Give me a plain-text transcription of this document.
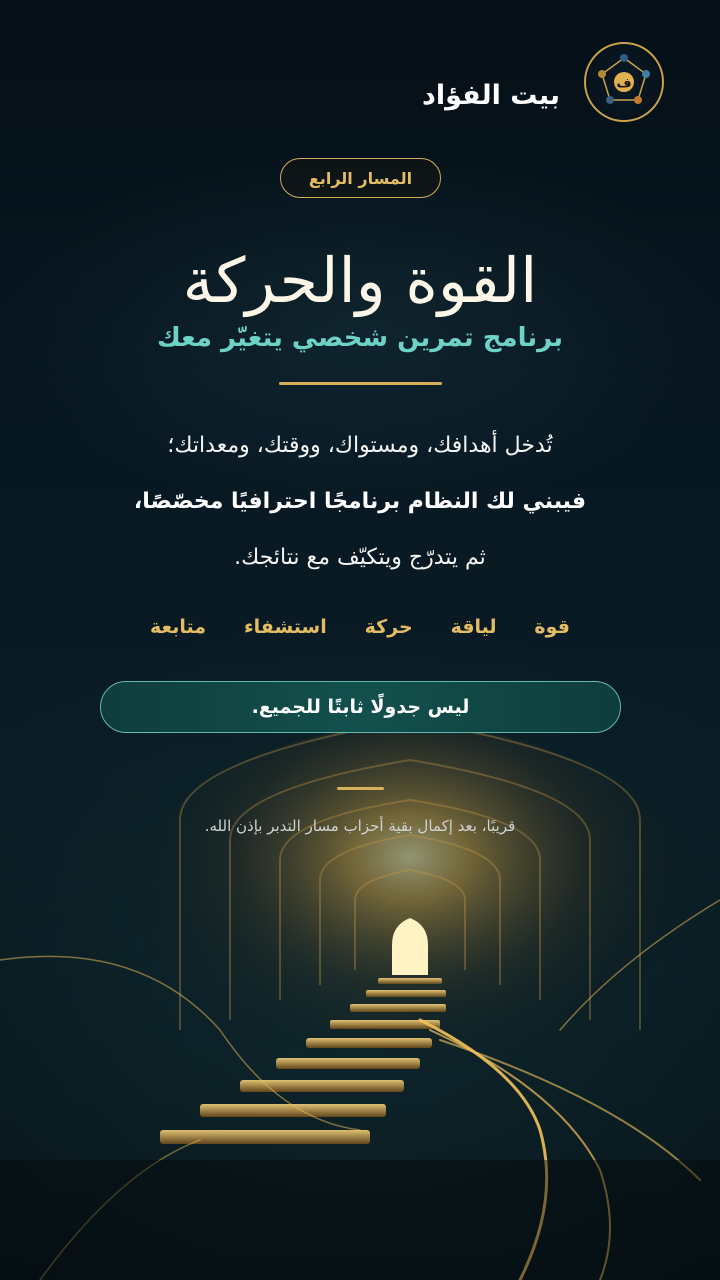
ف
بيت الفؤاد
المسار الرابع
القوة والحركة
برنامج تمرين شخصي يتغيّر معك
تُدخل أهدافك، ومستواك، ووقتك، ومعداتك؛
فيبني لك النظام برنامجًا احترافيًا مخصّصًا،
ثم يتدرّج ويتكيّف مع نتائجك.
قوة
لياقة
حركة
استشفاء
متابعة
ليس جدولًا ثابتًا للجميع.
قريبًا، بعد إكمال بقية أحزاب مسار التدبر بإذن الله.
